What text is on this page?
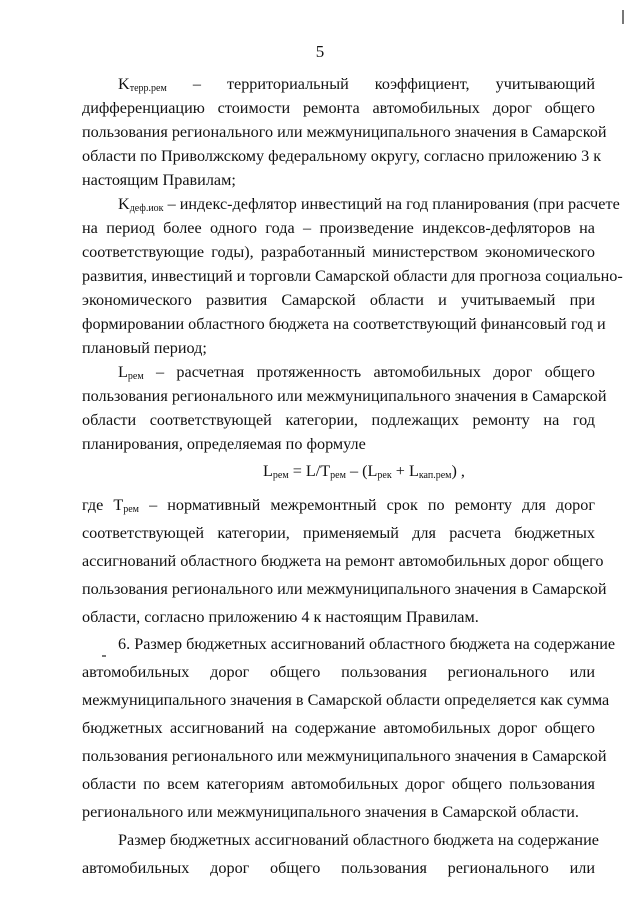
5
$K_{терр.рем}$ – территориальный коэффициент, учитывающий
дифференциацию стоимости ремонта автомобильных дорог общего
пользования регионального или межмуниципального значения в Самарской
области по Приволжскому федеральному округу, согласно приложению 3 к
настоящим Правилам;
$K_{деф.иок}$ – индекс-дефлятор инвестиций на год планирования (при расчете
на период более одного года – произведение индексов-дефляторов на
соответствующие годы), разработанный министерством экономического
развития, инвестиций и торговли Самарской области для прогноза социально-
экономического развития Самарской области и учитываемый при
формировании областного бюджета на соответствующий финансовый год и
плановый период;
$L_{рем}$ – расчетная протяженность автомобильных дорог общего
пользования регионального или межмуниципального значения в Самарской
области соответствующей категории, подлежащих ремонту на год
планирования, определяемая по формуле
$L_{рем} = L/T_{рем} - (L_{рек} + L_{кап.рем})$ ,
где $T_{рем}$ – нормативный межремонтный срок по ремонту для дорог
соответствующей категории, применяемый для расчета бюджетных
ассигнований областного бюджета на ремонт автомобильных дорог общего
пользования регионального или межмуниципального значения в Самарской
области, согласно приложению 4 к настоящим Правилам.
6. Размер бюджетных ассигнований областного бюджета на содержание
автомобильных дорог общего пользования регионального или
межмуниципального значения в Самарской области определяется как сумма
бюджетных ассигнований на содержание автомобильных дорог общего
пользования регионального или межмуниципального значения в Самарской
области по всем категориям автомобильных дорог общего пользования
регионального или межмуниципального значения в Самарской области.
Размер бюджетных ассигнований областного бюджета на содержание
автомобильных дорог общего пользования регионального или
